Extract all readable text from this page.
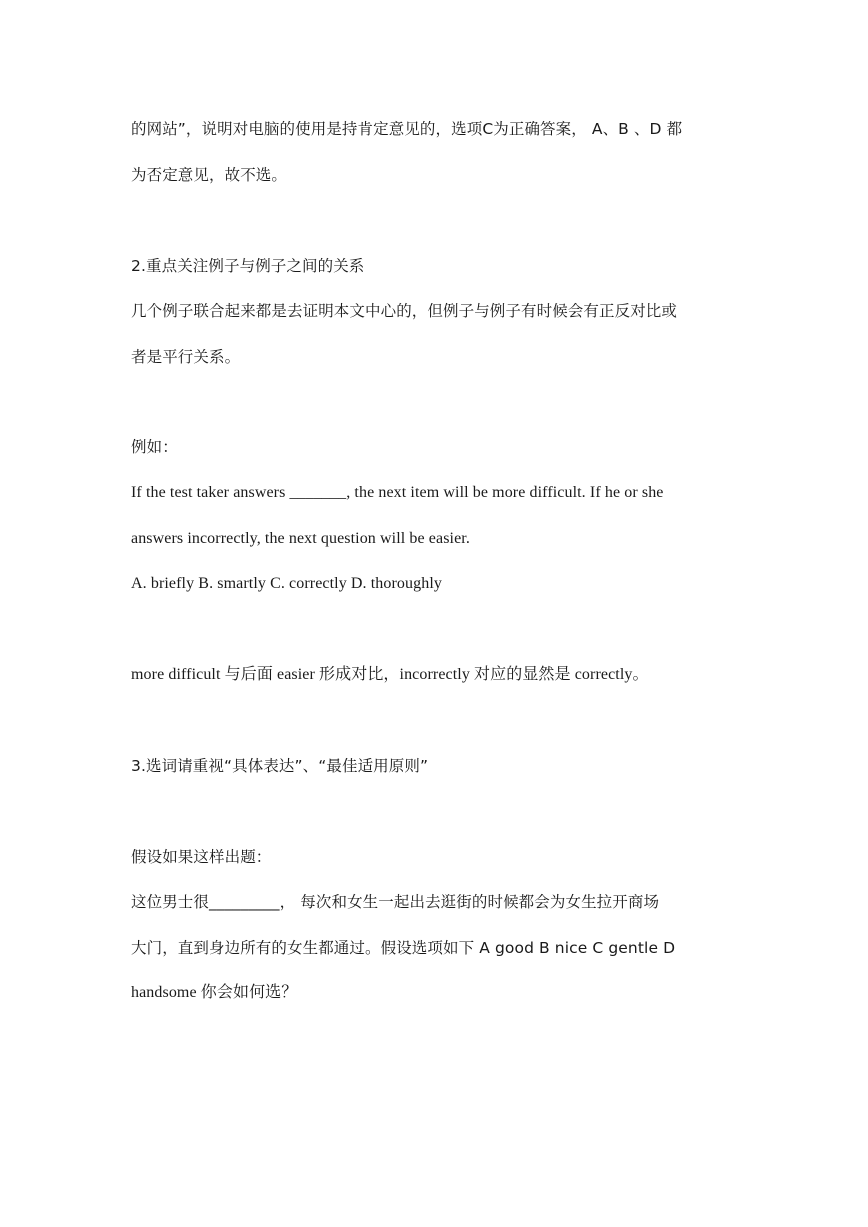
的网站”，说明对电脑的使用是持肯定意见的，选项C为正确答案， A、B 、D 都
为否定意见，故不选。
2.重点关注例子与例子之间的关系
几个例子联合起来都是去证明本文中心的，但例子与例子有时候会有正反对比或
者是平行关系。
例如：
If the test taker answers _______, the next item will be more difficult. If he or she
answers incorrectly, the next question will be easier.
A. briefly B. smartly C. correctly D. thoroughly
more difficult 与后面 easier 形成对比，incorrectly 对应的显然是 correctly。
3.选词请重视“具体表达”、“最佳适用原则”
假设如果这样出题：
这位男士很_________， 每次和女生一起出去逛街的时候都会为女生拉开商场
大门，直到身边所有的女生都通过。假设选项如下 A good B nice C gentle D
handsome 你会如何选？
